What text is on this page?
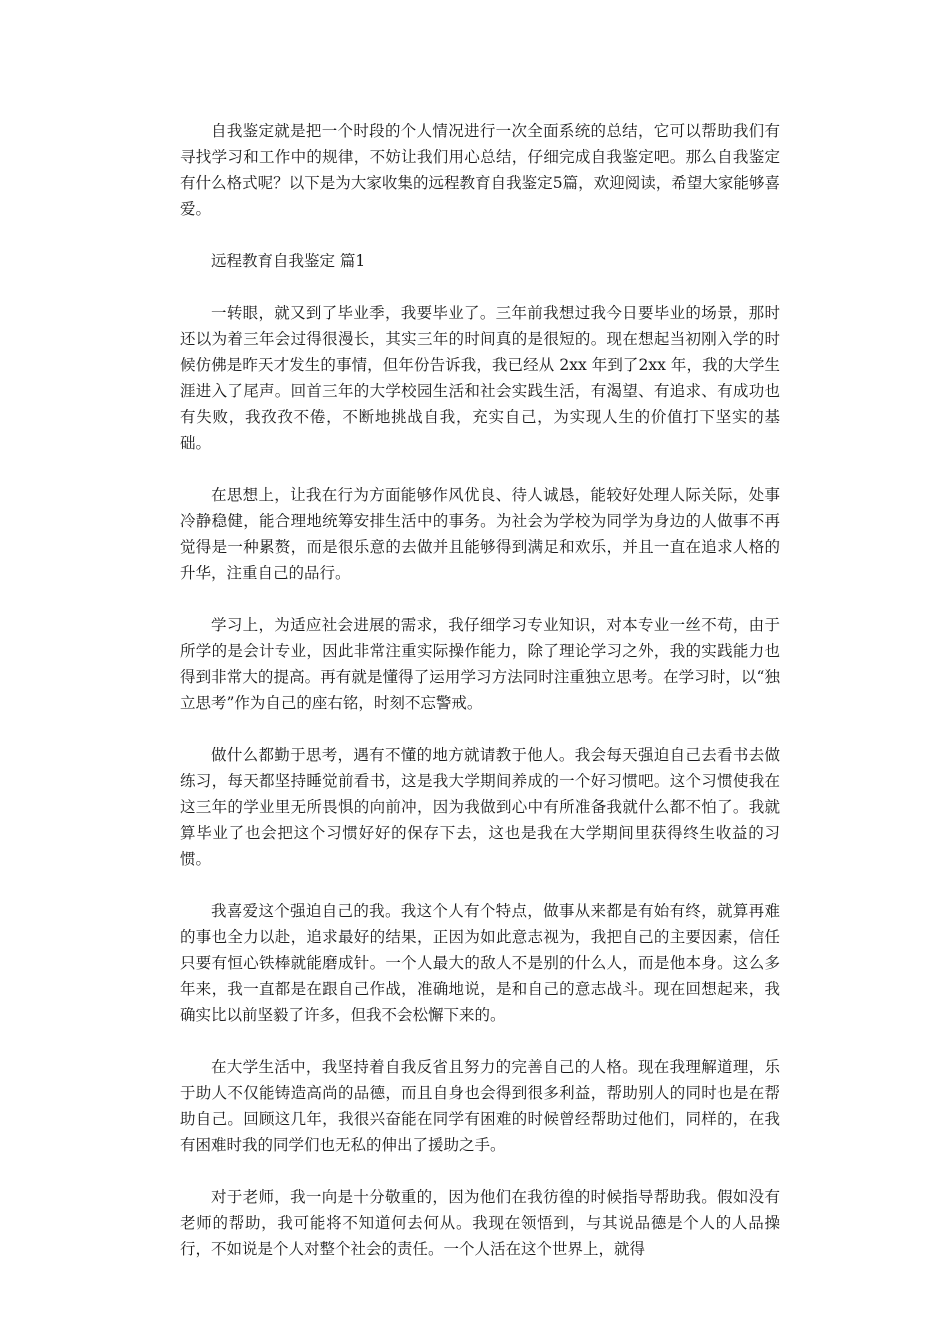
自我鉴定就是把一个时段的个人情况进行一次全面系统的总结，它可以帮助我们有寻找学习和工作中的规律，不妨让我们用心总结，仔细完成自我鉴定吧。那么自我鉴定有什么格式呢？以下是为大家收集的远程教育自我鉴定5篇，欢迎阅读，希望大家能够喜爱。

远程教育自我鉴定 篇1

一转眼，就又到了毕业季，我要毕业了。三年前我想过我今日要毕业的场景，那时还以为着三年会过得很漫长，其实三年的时间真的是很短的。现在想起当初刚入学的时候仿佛是昨天才发生的事情，但年份告诉我，我已经从 2xx 年到了2xx 年，我的大学生涯进入了尾声。回首三年的大学校园生活和社会实践生活，有渴望、有追求、有成功也有失败，我孜孜不倦，不断地挑战自我，充实自己，为实现人生的价值打下坚实的基础。

在思想上，让我在行为方面能够作风优良、待人诚恳，能较好处理人际关际，处事冷静稳健，能合理地统筹安排生活中的事务。为社会为学校为同学为身边的人做事不再觉得是一种累赘，而是很乐意的去做并且能够得到满足和欢乐，并且一直在追求人格的升华，注重自己的品行。

学习上，为适应社会进展的需求，我仔细学习专业知识，对本专业一丝不苟，由于所学的是会计专业，因此非常注重实际操作能力，除了理论学习之外，我的实践能力也得到非常大的提高。再有就是懂得了运用学习方法同时注重独立思考。在学习时，以“独立思考”作为自己的座右铭，时刻不忘警戒。

做什么都勤于思考，遇有不懂的地方就请教于他人。我会每天强迫自己去看书去做练习，每天都坚持睡觉前看书，这是我大学期间养成的一个好习惯吧。这个习惯使我在这三年的学业里无所畏惧的向前冲，因为我做到心中有所准备我就什么都不怕了。我就算毕业了也会把这个习惯好好的保存下去，这也是我在大学期间里获得终生收益的习惯。

我喜爱这个强迫自己的我。我这个人有个特点，做事从来都是有始有终，就算再难的事也全力以赴，追求最好的结果，正因为如此意志视为，我把自己的主要因素，信任只要有恒心铁棒就能磨成针。一个人最大的敌人不是别的什么人，而是他本身。这么多年来，我一直都是在跟自己作战，准确地说，是和自己的意志战斗。现在回想起来，我确实比以前坚毅了许多，但我不会松懈下来的。

在大学生活中，我坚持着自我反省且努力的完善自己的人格。现在我理解道理，乐于助人不仅能铸造高尚的品德，而且自身也会得到很多利益，帮助别人的同时也是在帮助自己。回顾这几年，我很兴奋能在同学有困难的时候曾经帮助过他们，同样的，在我有困难时我的同学们也无私的伸出了援助之手。

对于老师，我一向是十分敬重的，因为他们在我彷徨的时候指导帮助我。假如没有老师的帮助，我可能将不知道何去何从。我现在领悟到，与其说品德是个人的人品操行，不如说是个人对整个社会的责任。一个人活在这个世界上，就得
